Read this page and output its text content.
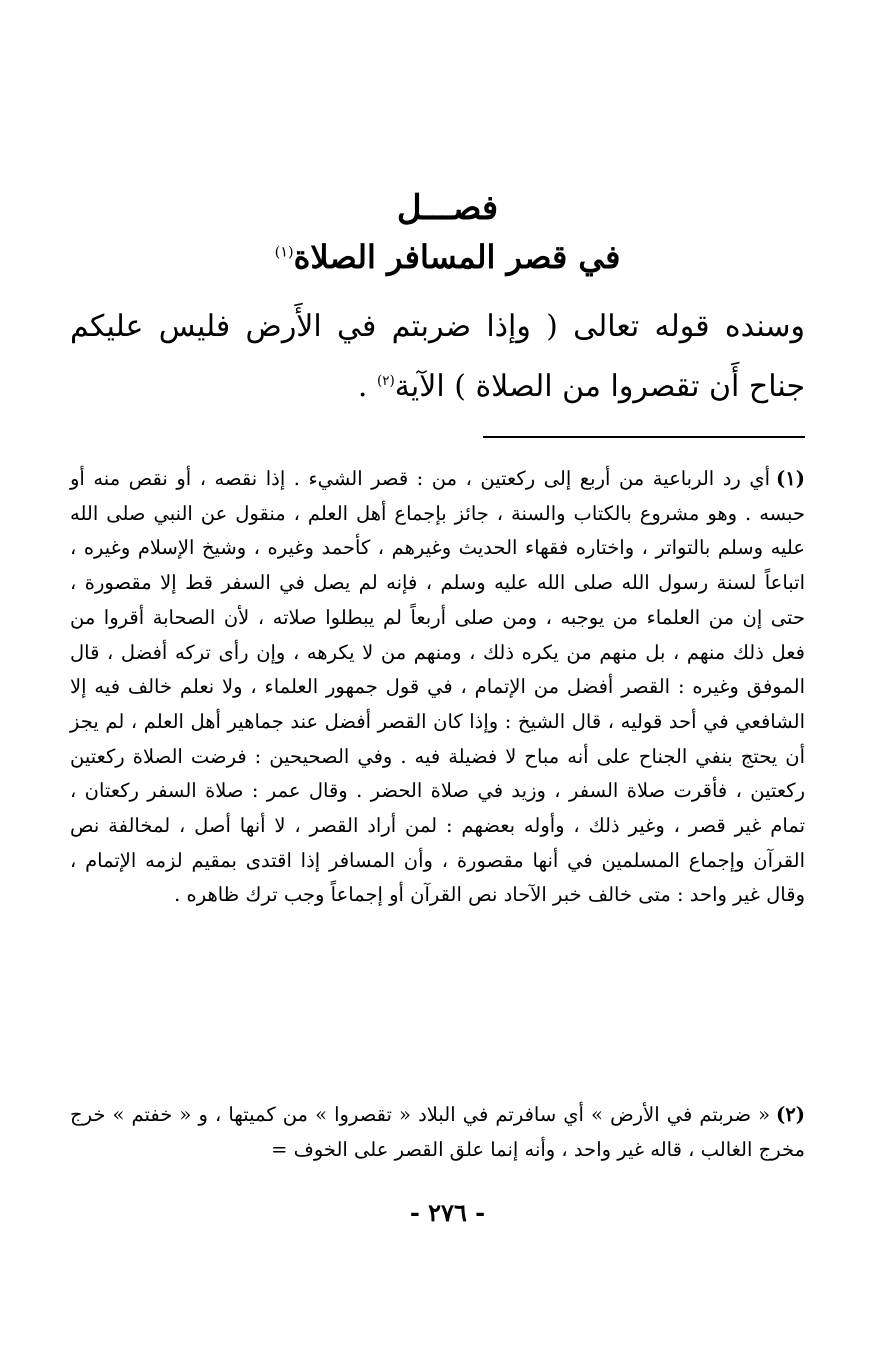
فصـــل
في قصر المسافر الصلاة$^{(١)}$

وسنده قوله تعالى ( وإذا ضربتم في الأَرض فليس عليكم جناح أَن تقصروا من الصلاة ) الآية$^{(٢)}$ .

(١)أي رد الرباعية من أربع إلى ركعتين ، من : قصر الشيء . إذا نقصه ، أو نقص منه أو حبسه . وهو مشروع بالكتاب والسنة ، جائز بإجماع أهل العلم ، منقول عن النبي صلى الله عليه وسلم بالتواتر ، واختاره فقهاء الحديث وغيرهم ، كأحمد وغيره ، وشيخ الإسلام وغيره ، اتباعاً لسنة رسول الله صلى الله عليه وسلم ، فإنه لم يصل في السفر قط إلا مقصورة ، حتى إن من العلماء من يوجبه ، ومن صلى أربعاً لم يبطلوا صلاته ، لأن الصحابة أقروا من فعل ذلك منهم ، بل منهم من يكره ذلك ، ومنهم من لا يكرهه ، وإن رأى تركه أفضل ، قال الموفق وغيره : القصر أفضل من الإتمام ، في قول جمهور العلماء ، ولا نعلم خالف فيه إلا الشافعي في أحد قوليه ، قال الشيخ : وإذا كان القصر أفضل عند جماهير أهل العلم ، لم يجز أن يحتج بنفي الجناح على أنه مباح لا فضيلة فيه . وفي الصحيحين : فرضت الصلاة ركعتين ركعتين ، فأقرت صلاة السفر ، وزيد في صلاة الحضر . وقال عمر : صلاة السفر ركعتان ، تمام غير قصر ، وغير ذلك ، وأوله بعضهم : لمن أراد القصر ، لا أنها أصل ، لمخالفة نص القرآن وإجماع المسلمين في أنها مقصورة ، وأن المسافر إذا اقتدى بمقيم لزمه الإتمام ، وقال غير واحد : متى خالف خبر الآحاد نص القرآن أو إجماعاً وجب ترك ظاهره .

(٢)« ضربتم في الأرض » أي سافرتم في البلاد « تقصروا » من كميتها ، و « خفتم » خرج مخرج الغالب ، قاله غير واحد ، وأنه إنما علق القصر على الخوف =

- ٢٧٦ -
